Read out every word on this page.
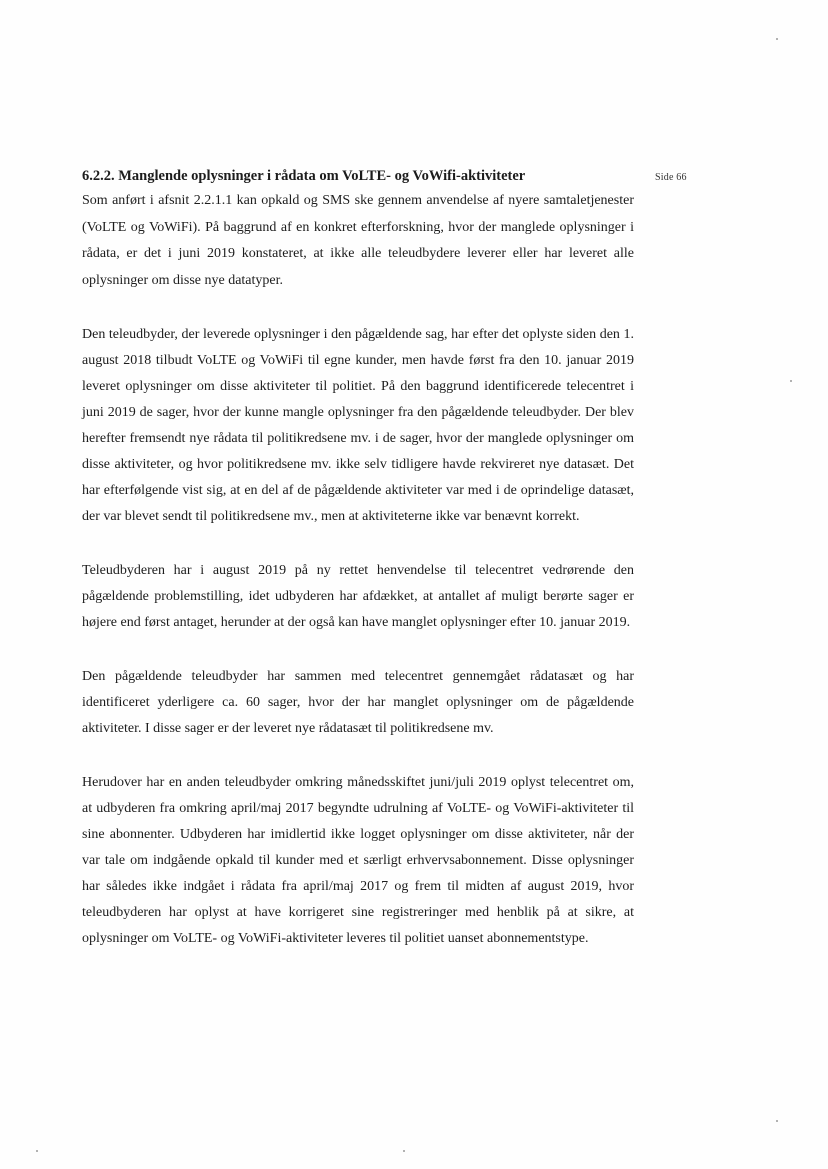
Side 66
6.2.2. Manglende oplysninger i rådata om VoLTE- og VoWifi-aktiviteter

Som anført i afsnit 2.2.1.1 kan opkald og SMS ske gennem anvendelse af nyere samtaletjenester (VoLTE og VoWiFi). På baggrund af en konkret efterforskning, hvor der manglede oplysninger i rådata, er det i juni 2019 konstateret, at ikke alle teleudbydere leverer eller har leveret alle oplysninger om disse nye datatyper.

Den teleudbyder, der leverede oplysninger i den pågældende sag, har efter det oplyste siden den 1. august 2018 tilbudt VoLTE og VoWiFi til egne kunder, men havde først fra den 10. januar 2019 leveret oplysninger om disse aktiviteter til politiet. På den baggrund identificerede telecentret i juni 2019 de sager, hvor der kunne mangle oplysninger fra den pågældende teleudbyder. Der blev herefter fremsendt nye rådata til politikredsene mv. i de sager, hvor der manglede oplysninger om disse aktiviteter, og hvor politikredsene mv. ikke selv tidligere havde rekvireret nye datasæt. Det har efterfølgende vist sig, at en del af de pågældende aktiviteter var med i de oprindelige datasæt, der var blevet sendt til politikredsene mv., men at aktiviteterne ikke var benævnt korrekt.

Teleudbyderen har i august 2019 på ny rettet henvendelse til telecentret vedrørende den pågældende problemstilling, idet udbyderen har afdækket, at antallet af muligt berørte sager er højere end først antaget, herunder at der også kan have manglet oplysninger efter 10. januar 2019.

Den pågældende teleudbyder har sammen med telecentret gennemgået rådatasæt og har identificeret yderligere ca. 60 sager, hvor der har manglet oplysninger om de pågældende aktiviteter. I disse sager er der leveret nye rådatasæt til politikredsene mv.

Herudover har en anden teleudbyder omkring månedsskiftet juni/juli 2019 oplyst telecentret om, at udbyderen fra omkring april/maj 2017 begyndte udrulning af VoLTE- og VoWiFi-aktiviteter til sine abonnenter. Udbyderen har imidlertid ikke logget oplysninger om disse aktiviteter, når der var tale om indgående opkald til kunder med et særligt erhvervsabonnement. Disse oplysninger har således ikke indgået i rådata fra april/maj 2017 og frem til midten af august 2019, hvor teleudbyderen har oplyst at have korrigeret sine registreringer med henblik på at sikre, at oplysninger om VoLTE- og VoWiFi-aktiviteter leveres til politiet uanset abonnementstype.
